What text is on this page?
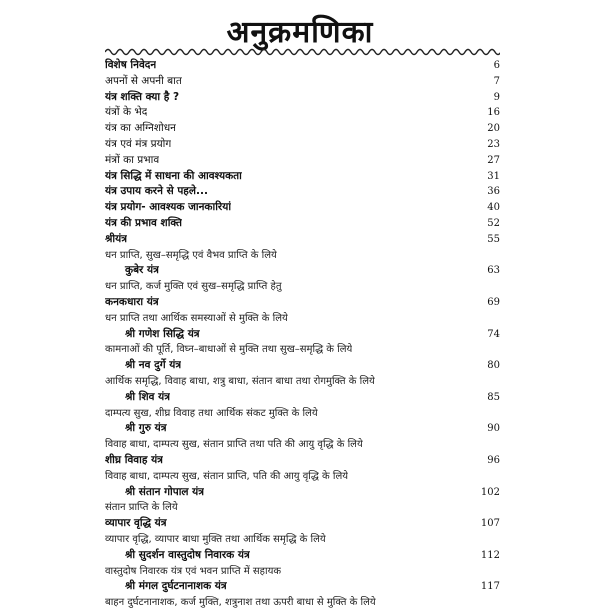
अनुक्रमणिका
विशेष निवेदन	6
अपनों से अपनी बात	7
यंत्र शक्ति क्या है ?	9
यंत्रों के भेद	16
यंत्र का अग्निशोधन	20
यंत्र एवं मंत्र प्रयोग	23
मंत्रों का प्रभाव	27
यंत्र सिद्धि में साधना की आवश्यकता	31
यंत्र उपाय करने से पहले...	36
यंत्र प्रयोग- आवश्यक जानकारियां	40
यंत्र की प्रभाव शक्ति	52
श्रीयंत्र	55
धन प्राप्ति, सुख–समृद्धि एवं वैभव प्राप्ति के लिये
कुबेर यंत्र	63
धन प्राप्ति, कर्ज मुक्ति एवं सुख–समृद्धि प्राप्ति हेतु
कनकधारा यंत्र	69
धन प्राप्ति तथा आर्थिक समस्याओं से मुक्ति के लिये
श्री गणेश सिद्धि यंत्र	74
कामनाओं की पूर्ति, विघ्न–बाधाओं से मुक्ति तथा सुख–समृद्धि के लिये
श्री नव दुर्गे यंत्र	80
आर्थिक समृद्धि, विवाह बाधा, शत्रु बाधा, संतान बाधा तथा रोगमुक्ति के लिये
श्री शिव यंत्र	85
दाम्पत्य सुख, शीघ्र विवाह तथा आर्थिक संकट मुक्ति के लिये
श्री गुरु यंत्र	90
विवाह बाधा, दाम्पत्य सुख, संतान प्राप्ति तथा पति की आयु वृद्धि के लिये
शीघ्र विवाह यंत्र	96
विवाह बाधा, दाम्पत्य सुख, संतान प्राप्ति, पति की आयु वृद्धि के लिये
श्री संतान गोपाल यंत्र	102
संतान प्राप्ति के लिये
व्यापार वृद्धि यंत्र	107
व्यापार वृद्धि, व्यापार बाधा मुक्ति तथा आर्थिक समृद्धि के लिये
श्री सुदर्शन वास्तुदोष निवारक यंत्र	112
वास्तुदोष निवारक यंत्र एवं भवन प्राप्ति में सहायक
श्री मंगल दुर्घटनानाशक यंत्र	117
बाहन दुर्घटनानाशक, कर्ज मुक्ति, शत्रुनाश तथा ऊपरी बाधा से मुक्ति के लिये
